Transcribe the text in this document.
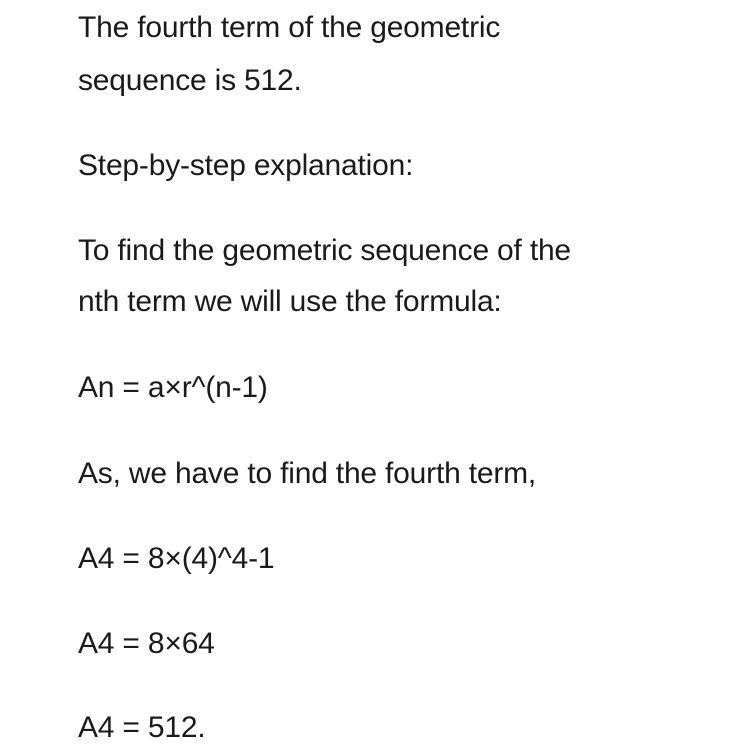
The fourth term of the geometric
sequence is 512.
Step-by-step explanation:
To find the geometric sequence of the
nth term we will use the formula:
An = a×r^(n-1)
As, we have to find the fourth term,
A4 = 8×(4)^4-1
A4 = 8×64
A4 = 512.
